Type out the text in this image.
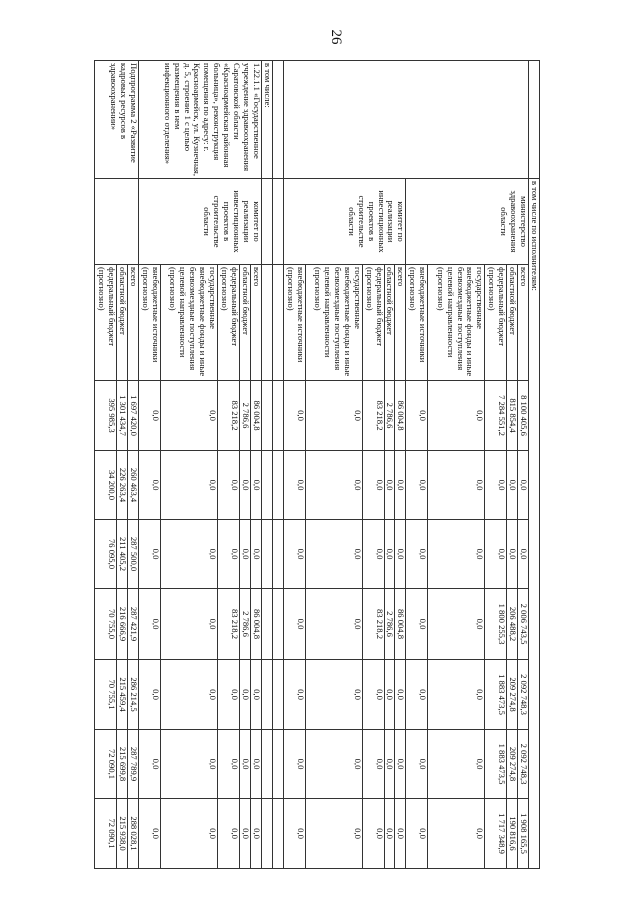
26
	в том числе по исполнителям:								
	министерство здравоохранения области	всего	8 100 405,6	0,0	0,0	2 006 743,5	2 092 748,3	2 092 748,3	1 908 165,5
		областной бюджет	815 854,4	0,0	0,0	206 488,2	209 274,8	209 274,8	190 816,6
		федеральный бюджет (прогнозно)	7 284 551,2	0,0	0,0	1 800 255,3	1 883 473,5	1 883 473,5	1 717 348,9
		государственные внебюджетные фонды и иные безвозмездные поступления целевой направленности (прогнозно)	0,0	0,0	0,0	0,0	0,0	0,0	0,0
		внебюджетные источники (прогнозно)	0,0	0,0	0,0	0,0	0,0	0,0	0,0
	комитет по реализации инвестиционных проектов в строительстве области	всего	86 004,8	0,0	0,0	86 004,8	0,0	0,0	0,0
		областной бюджет	2 786,6	0,0	0,0	2 786,6	0,0	0,0	0,0
		федеральный бюджет (прогнозно)	83 218,2	0,0	0,0	83 218,2	0,0	0,0	0,0
		государственные внебюджетные фонды и иные безвозмездные поступления целевой направленности (прогнозно)	0,0	0,0	0,0	0,0	0,0	0,0	0,0
		внебюджетные источники (прогнозно)	0,0	0,0	0,0	0,0	0,0	0,0	0,0

в том числе:									
1.22.1.1 «Государственное учреждение здравоохранения Саратовской области «Красноармейская районная больница», реконструкция помещения по адресу: г. Красноармейск, ул. Кузнечная, д. 5, строение 1 с целью размещения в нем инфекционного отделения»	комитет по реализации инвестиционных проектов в строительстве области	всего	86 004,8	0,0	0,0	86 004,8	0,0	0,0	0,0
		областной бюджет	2 786,6	0,0	0,0	2 786,6	0,0	0,0	0,0
		федеральный бюджет (прогнозно)	83 218,2	0,0	0,0	83 218,2	0,0	0,0	0,0
		государственные внебюджетные фонды и иные безвозмездные поступления целевой направленности (прогнозно)	0,0	0,0	0,0	0,0	0,0	0,0	0,0
		внебюджетные источники (прогнозно)	0,0	0,0	0,0	0,0	0,0	0,0	0,0
Подпрограмма 2 «Развитие кадровых ресурсов в здравоохранении»		всего	1 697 420,0	260 463,4	287 500,0	287 421,9	286 214,5	287 789,9	288 028,1
		областной бюджет	1 301 434,7	226 263,4	211 405,2	216 666,9	215 459,4	215 699,8	215 938,0
		федеральный бюджет (прогнозно)	395 985,3	34 200,0	76 095,0	70 755,0	70 755,1	72 090,1	72 090,1
